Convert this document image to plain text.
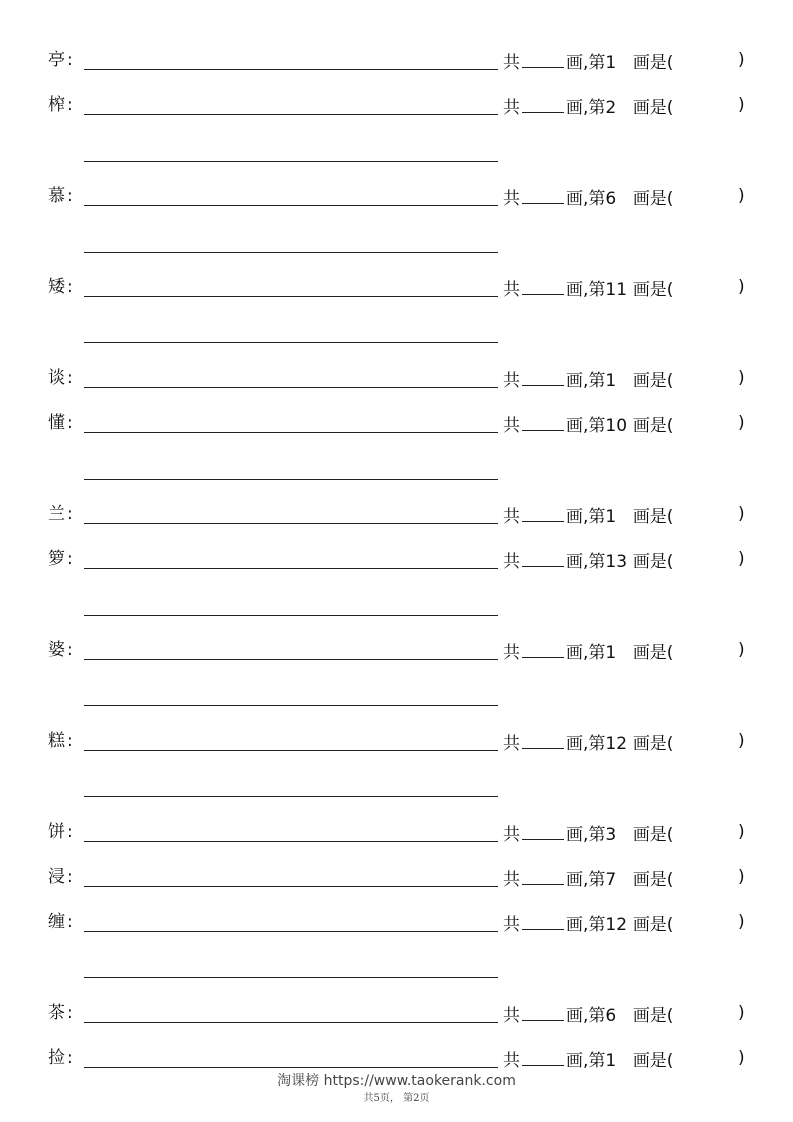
亭 :	共	画,第1 画是(	)
榨 :	共	画,第2 画是(	)
慕 :	共	画,第6 画是(	)
矮 :	共	画,第11 画是(	)
谈 :	共	画,第1 画是(	)
懂 :	共	画,第10 画是(	)
兰 :	共	画,第1 画是(	)
箩 :	共	画,第13 画是(	)
婆 :	共	画,第1 画是(	)
糕 :	共	画,第12 画是(	)
饼 :	共	画,第3 画是(	)
浸 :	共	画,第7 画是(	)
缠 :	共	画,第12 画是(	)
茶 :	共	画,第6 画是(	)
捡 :	共	画,第1 画是(	)
淘课榜 https://www.taokerank.com
共5页， 第2页
